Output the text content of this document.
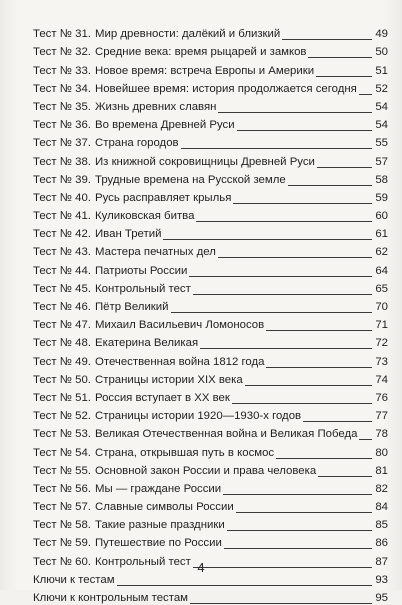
Тест № 31. Мир древности: далёкий и близкий	49
Тест № 32. Средние века: время рыцарей и замков	50
Тест № 33. Новое время: встреча Европы и Америки	51
Тест № 34. Новейшее время: история продолжается сегодня 52
Тест № 35. Жизнь древних славян	54
Тест № 36. Во времена Древней Руси	54
Тест № 37. Страна городов	55
Тест № 38. Из книжной сокровищницы Древней Руси	57
Тест № 39. Трудные времена на Русской земле	58
Тест № 40. Русь расправляет крылья	59
Тест № 41. Куликовская битва	60
Тест № 42. Иван Третий	61
Тест № 43. Мастера печатных дел	62
Тест № 44. Патриоты России	64
Тест № 45. Контрольный тест	65
Тест № 46. Пётр Великий	70
Тест № 47. Михаил Васильевич Ломоносов	71
Тест № 48. Екатерина Великая	72
Тест № 49. Отечественная война 1812 года	73
Тест № 50. Страницы истории XIX века	74
Тест № 51. Россия вступает в XX век	76
Тест № 52. Страницы истории 1920—1930-х годов	77
Тест № 53. Великая Отечественная война и Великая Победа 78
Тест № 54. Страна, открывшая путь в космос	80
Тест № 55. Основной закон России и права человека	81
Тест № 56. Мы — граждане России	82
Тест № 57. Славные символы России	84
Тест № 58. Такие разные праздники	85
Тест № 59. Путешествие по России	86
Тест № 60. Контрольный тест	87
Ключи к тестам	93
Ключи к контрольным тестам	95
4
